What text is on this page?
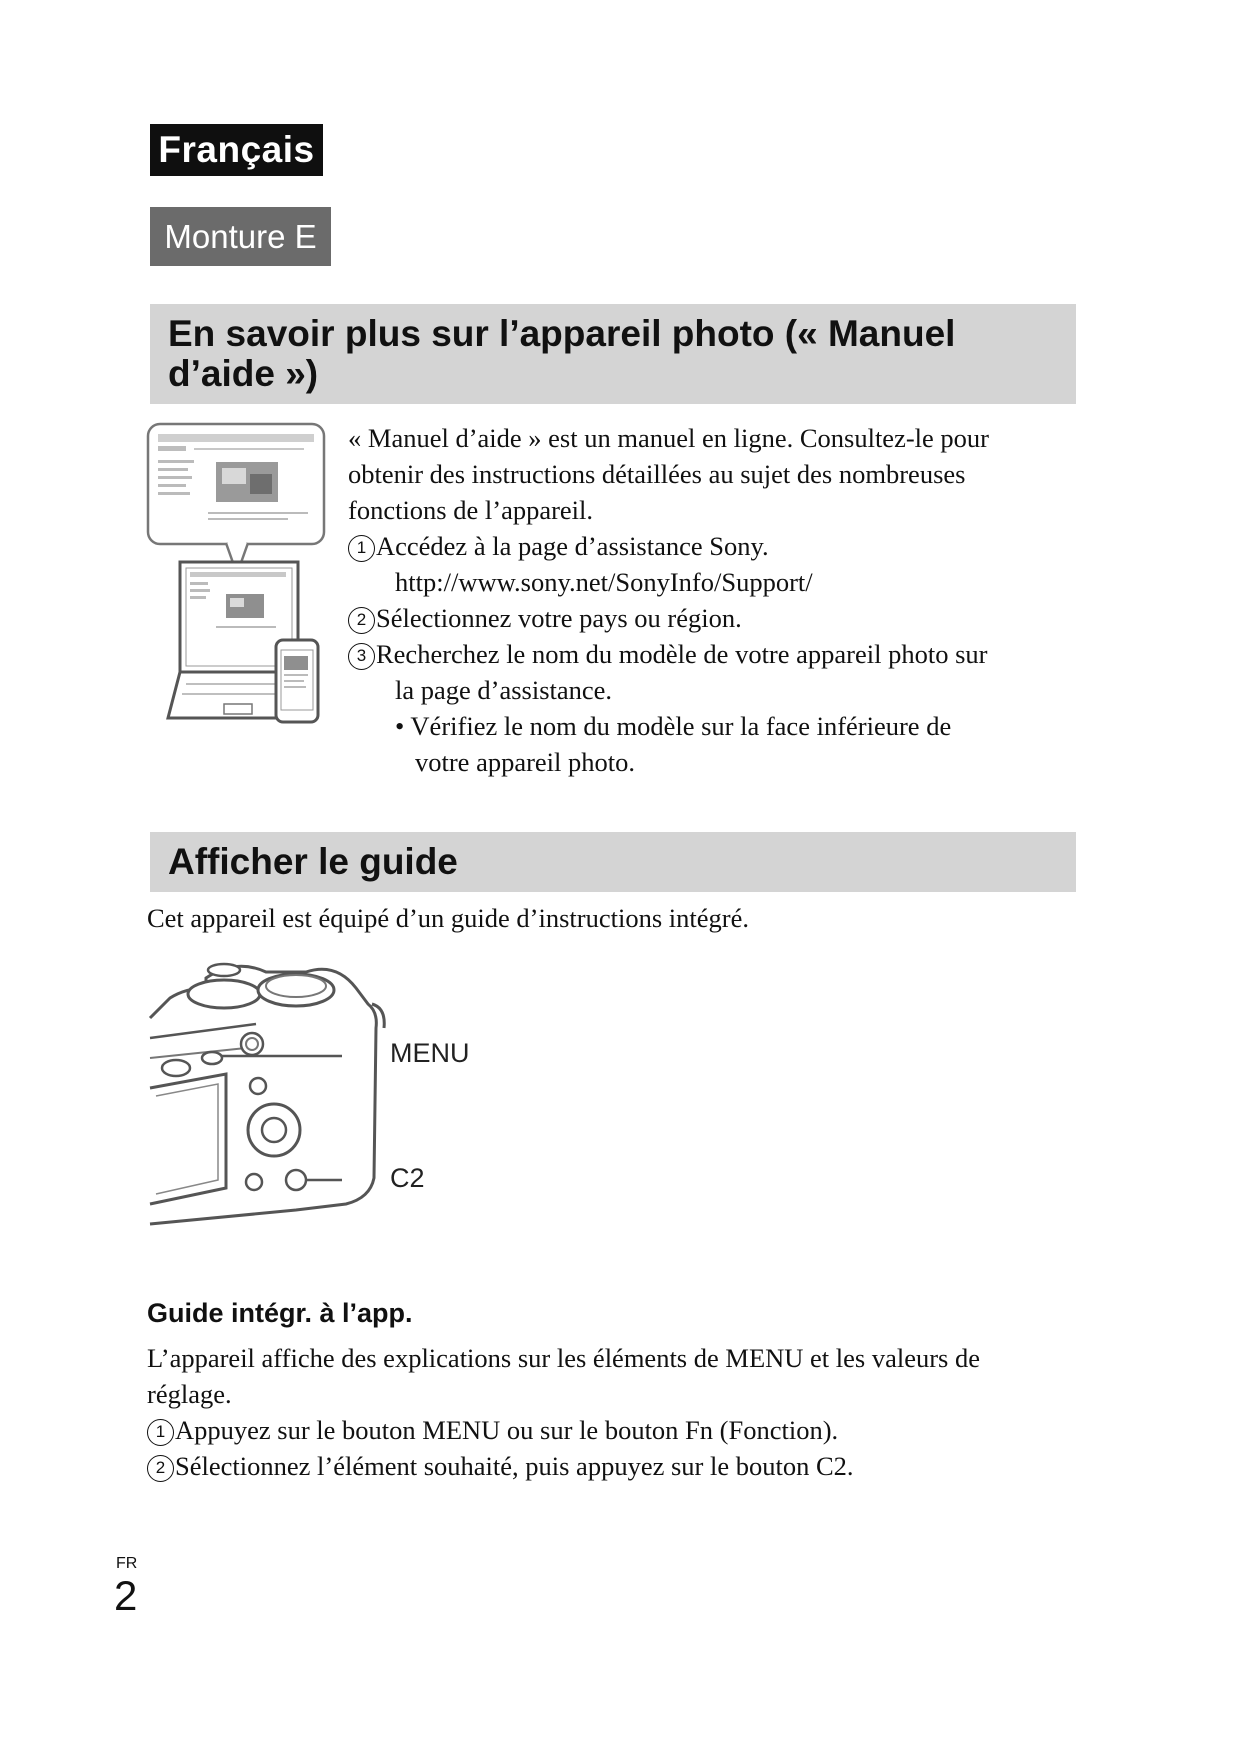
Français
Monture E
En savoir plus sur l’appareil photo (« Manuel
d’aide »)
« Manuel d’aide » est un manuel en ligne. Consultez-le pour
obtenir des instructions détaillées au sujet des nombreuses
fonctions de l’appareil.
1 Accédez à la page d’assistance Sony.
http://www.sony.net/SonyInfo/Support/
2 Sélectionnez votre pays ou région.
3 Recherchez le nom du modèle de votre appareil photo sur
la page d’assistance.
• Vérifiez le nom du modèle sur la face inférieure de
votre appareil photo.
Afficher le guide
Cet appareil est équipé d’un guide d’instructions intégré.
MENU
C2
Guide intégr. à l’app.
L’appareil affiche des explications sur les éléments de MENU et les valeurs de
réglage.
1 Appuyez sur le bouton MENU ou sur le bouton Fn (Fonction).
2 Sélectionnez l’élément souhaité, puis appuyez sur le bouton C2.
FR
2
